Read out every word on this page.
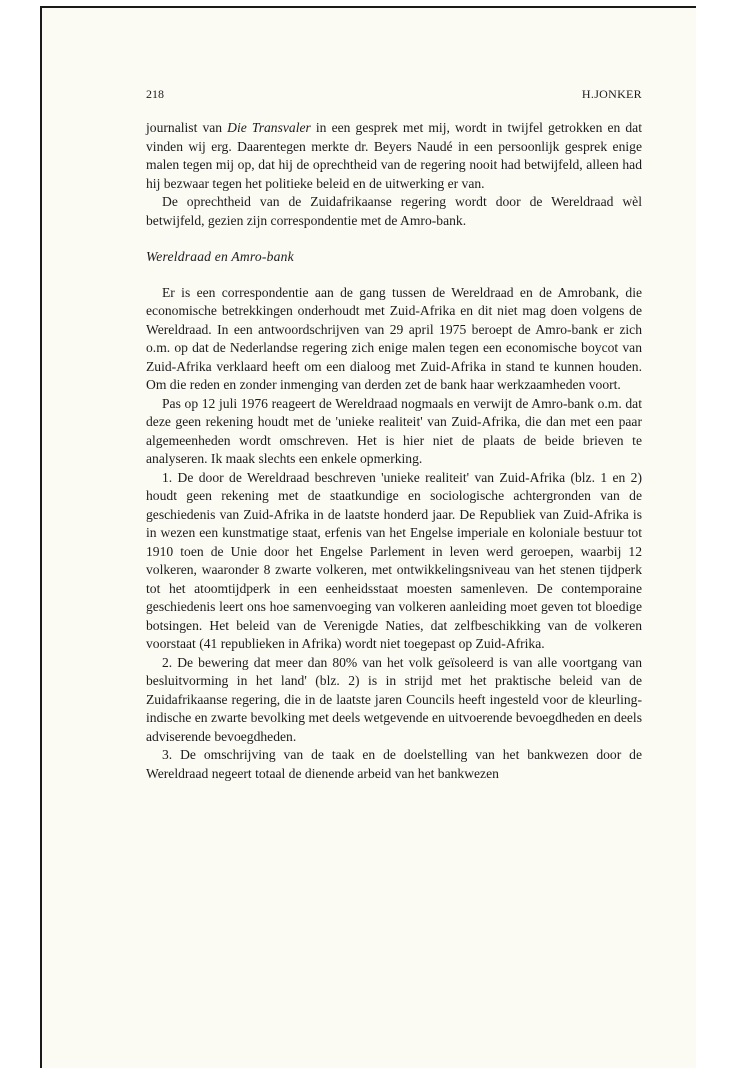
218	H.JONKER

journalist van Die Transvaler in een gesprek met mij, wordt in twijfel getrokken en dat vinden wij erg. Daarentegen merkte dr. Beyers Naudé in een persoonlijk gesprek enige malen tegen mij op, dat hij de oprechtheid van de regering nooit had betwijfeld, alleen had hij bezwaar tegen het politieke beleid en de uitwerking er van.

De oprechtheid van de Zuidafrikaanse regering wordt door de Wereldraad wèl betwijfeld, gezien zijn correspondentie met de Amro-bank.

Wereldraad en Amro-bank

Er is een correspondentie aan de gang tussen de Wereldraad en de Amrobank, die economische betrekkingen onderhoudt met Zuid-Afrika en dit niet mag doen volgens de Wereldraad. In een antwoordschrijven van 29 april 1975 beroept de Amro-bank er zich o.m. op dat de Nederlandse regering zich enige malen tegen een economische boycot van Zuid-Afrika verklaard heeft om een dialoog met Zuid-Afrika in stand te kunnen houden. Om die reden en zonder inmenging van derden zet de bank haar werkzaamheden voort.

Pas op 12 juli 1976 reageert de Wereldraad nogmaals en verwijt de Amro-bank o.m. dat deze geen rekening houdt met de 'unieke realiteit' van Zuid-Afrika, die dan met een paar algemeenheden wordt omschreven. Het is hier niet de plaats de beide brieven te analyseren. Ik maak slechts een enkele opmerking.

1. De door de Wereldraad beschreven 'unieke realiteit' van Zuid-Afrika (blz. 1 en 2) houdt geen rekening met de staatkundige en sociologische achtergronden van de geschiedenis van Zuid-Afrika in de laatste honderd jaar. De Republiek van Zuid-Afrika is in wezen een kunstmatige staat, erfenis van het Engelse imperiale en koloniale bestuur tot 1910 toen de Unie door het Engelse Parlement in leven werd geroepen, waarbij 12 volkeren, waaronder 8 zwarte volkeren, met ontwikkelingsniveau van het stenen tijdperk tot het atoomtijdperk in een eenheidsstaat moesten samenleven. De contemporaine geschiedenis leert ons hoe samenvoeging van volkeren aanleiding moet geven tot bloedige botsingen. Het beleid van de Verenigde Naties, dat zelfbeschikking van de volkeren voorstaat (41 republieken in Afrika) wordt niet toegepast op Zuid-Afrika.

2. De bewering dat meer dan 80% van het volk geïsoleerd is van alle voortgang van besluitvorming in het land' (blz. 2) is in strijd met het praktische beleid van de Zuidafrikaanse regering, die in de laatste jaren Councils heeft ingesteld voor de kleurling- indische en zwarte bevolking met deels wetgevende en uitvoerende bevoegdheden en deels adviserende bevoegdheden.

3. De omschrijving van de taak en de doelstelling van het bankwezen door de Wereldraad negeert totaal de dienende arbeid van het bankwezen
